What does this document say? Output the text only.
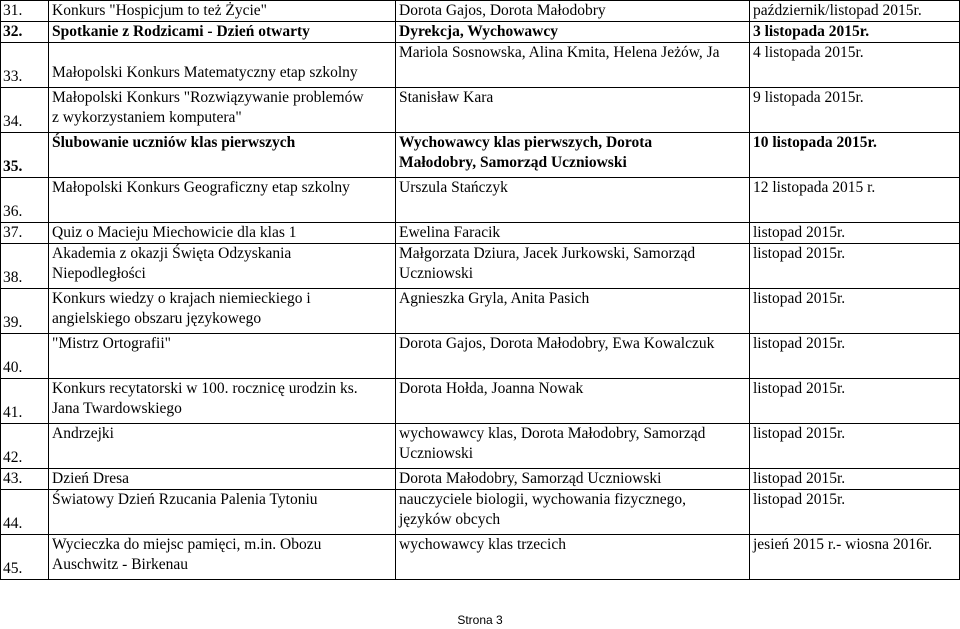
31.	Konkurs "Hospicjum to też Życie"	Dorota Gajos, Dorota Małodobry	październik/listopad 2015r.
32.	Spotkanie z Rodzicami - Dzień otwarty	Dyrekcja, Wychowawcy	3 listopada 2015r.
33.	Małopolski Konkurs Matematyczny etap szkolny	Mariola Sosnowska, Alina Kmita, Helena Jeżów, Ja	4 listopada 2015r.
34.	Małopolski Konkurs "Rozwiązywanie problemów
z wykorzystaniem komputera"	Stanisław Kara	9 listopada 2015r.
35.	Ślubowanie uczniów klas pierwszych	Wychowawcy klas pierwszych, Dorota
Małodobry, Samorząd Uczniowski	10 listopada 2015r.
36.	Małopolski Konkurs Geograficzny etap szkolny	Urszula Stańczyk	12 listopada 2015 r.
37.	Quiz o Macieju Miechowicie dla klas 1	Ewelina Faracik	listopad 2015r.
38.	Akademia z okazji Święta Odzyskania
Niepodległości	Małgorzata Dziura, Jacek Jurkowski, Samorząd
Uczniowski	listopad 2015r.
39.	Konkurs wiedzy o krajach niemieckiego i
angielskiego obszaru językowego	Agnieszka Gryla, Anita Pasich	listopad 2015r.
40.	"Mistrz Ortografii"	Dorota Gajos, Dorota Małodobry, Ewa Kowalczuk	listopad 2015r.
41.	Konkurs recytatorski w 100. rocznicę urodzin ks.
Jana Twardowskiego	Dorota Hołda, Joanna Nowak	listopad 2015r.
42.	Andrzejki	wychowawcy klas, Dorota Małodobry, Samorząd
Uczniowski	listopad 2015r.
43.	Dzień Dresa	Dorota Małodobry, Samorząd Uczniowski	listopad 2015r.
44.	Światowy Dzień Rzucania Palenia Tytoniu	nauczyciele biologii, wychowania fizycznego,
języków obcych	listopad 2015r.
45.	Wycieczka do miejsc pamięci, m.in. Obozu
Auschwitz - Birkenau	wychowawcy klas trzecich	jesień 2015 r.- wiosna 2016r.
Strona 3
